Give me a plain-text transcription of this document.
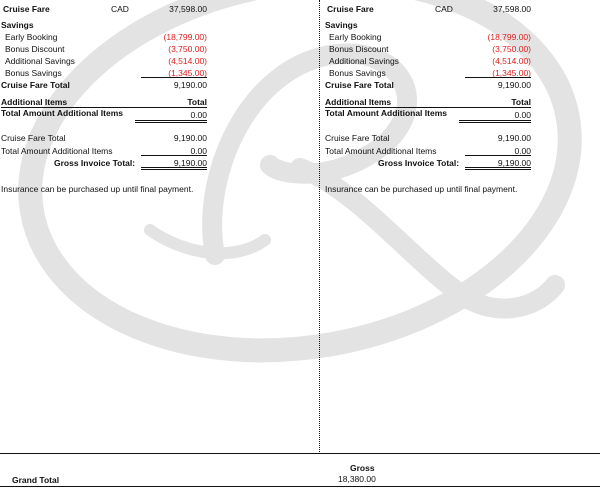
Cruise Fare	CAD	37,598.00
Savings
Early Booking	(18,799.00)
Bonus Discount	(3,750.00)
Additional Savings	(4,514.00)
Bonus Savings	(1,345.00)
Cruise Fare Total	9,190.00
Additional Items	Total
Total Amount Additional Items	0.00
Cruise Fare Total	9,190.00
Total Amount Additional Items	0.00
Gross Invoice Total:	9,190.00
Insurance can be purchased up until final payment.
Cruise Fare	CAD	37,598.00
Savings
Early Booking	(18,799.00)
Bonus Discount	(3,750.00)
Additional Savings	(4,514.00)
Bonus Savings	(1,345.00)
Cruise Fare Total	9,190.00
Additional Items	Total
Total Amount Additional Items	0.00
Cruise Fare Total	9,190.00
Total Amount Additional Items	0.00
Gross Invoice Total:	9,190.00
Insurance can be purchased up until final payment.
Gross
Grand Total	18,380.00
